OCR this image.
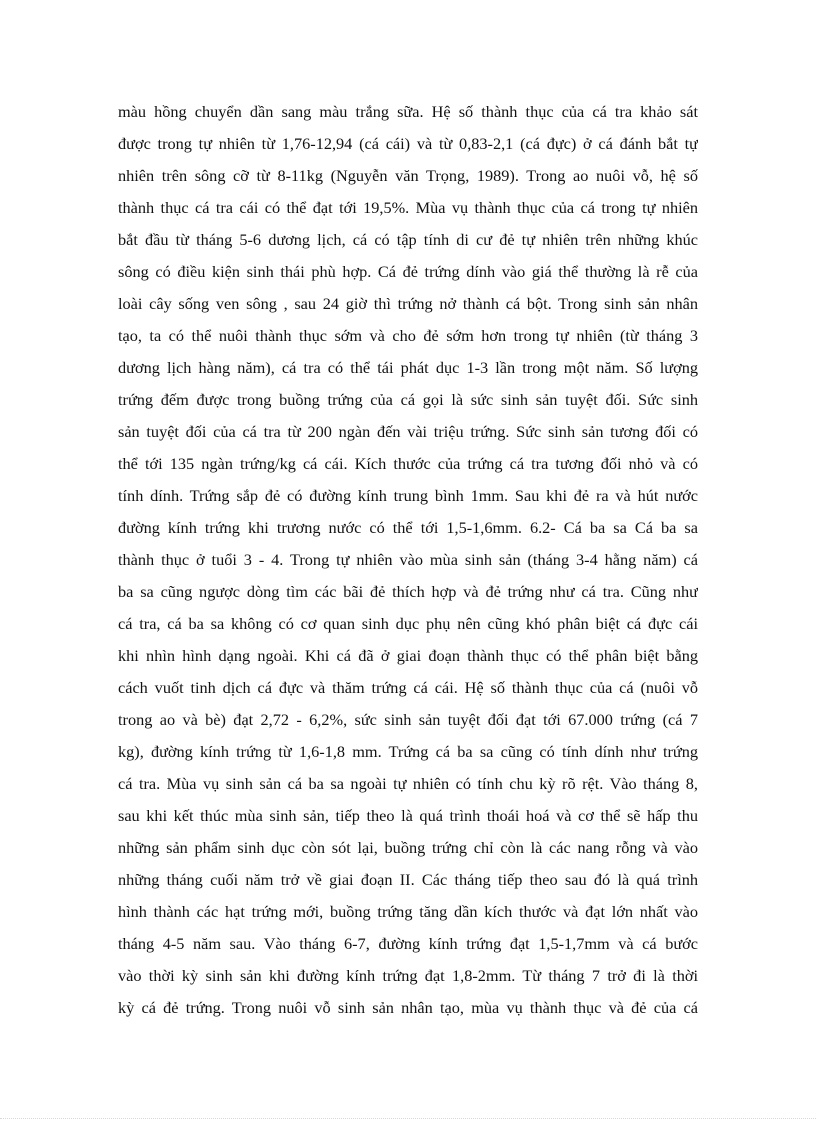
màu hồng chuyển dần sang màu trắng sữa. Hệ số thành thục của cá tra khảo sát
được trong tự nhiên từ 1,76-12,94 (cá cái) và từ 0,83-2,1 (cá đực) ở cá đánh bắt tự
nhiên trên sông cỡ từ 8-11kg (Nguyễn văn Trọng, 1989). Trong ao nuôi vỗ, hệ số
thành thục cá tra cái có thể đạt tới 19,5%. Mùa vụ thành thục của cá trong tự nhiên
bắt đầu từ tháng 5-6 dương lịch, cá có tập tính di cư đẻ tự nhiên trên những khúc
sông có điều kiện sinh thái phù hợp. Cá đẻ trứng dính vào giá thể thường là rễ của
loài cây sống ven sông , sau 24 giờ thì trứng nở thành cá bột. Trong sinh sản nhân
tạo, ta có thể nuôi thành thục sớm và cho đẻ sớm hơn trong tự nhiên (từ tháng 3
dương lịch hàng năm), cá tra có thể tái phát dục 1-3 lần trong một năm. Số lượng
trứng đếm được trong buồng trứng của cá gọi là sức sinh sản tuyệt đối. Sức sinh
sản tuyệt đối của cá tra từ 200 ngàn đến vài triệu trứng. Sức sinh sản tương đối có
thể tới 135 ngàn trứng/kg cá cái. Kích thước của trứng cá tra tương đối nhỏ và có
tính dính. Trứng sắp đẻ có đường kính trung bình 1mm. Sau khi đẻ ra và hút nước
đường kính trứng khi trương nước có thể tới 1,5-1,6mm. 6.2- Cá ba sa Cá ba sa
thành thục ở tuổi 3 - 4. Trong tự nhiên vào mùa sinh sản (tháng 3-4 hằng năm) cá
ba sa cũng ngược dòng tìm các bãi đẻ thích hợp và đẻ trứng như cá tra. Cũng như
cá tra, cá ba sa không có cơ quan sinh dục phụ nên cũng khó phân biệt cá đực cái
khi nhìn hình dạng ngoài. Khi cá đã ở giai đoạn thành thục có thể phân biệt bằng
cách vuốt tinh dịch cá đực và thăm trứng cá cái. Hệ số thành thục của cá (nuôi vỗ
trong ao và bè) đạt 2,72 - 6,2%, sức sinh sản tuyệt đối đạt tới 67.000 trứng (cá 7
kg), đường kính trứng từ 1,6-1,8 mm. Trứng cá ba sa cũng có tính dính như trứng
cá tra. Mùa vụ sinh sản cá ba sa ngoài tự nhiên có tính chu kỳ rõ rệt. Vào tháng 8,
sau khi kết thúc mùa sinh sản, tiếp theo là quá trình thoái hoá và cơ thể sẽ hấp thu
những sản phẩm sinh dục còn sót lại, buồng trứng chỉ còn là các nang rỗng và vào
những tháng cuối năm trở về giai đoạn II. Các tháng tiếp theo sau đó là quá trình
hình thành các hạt trứng mới, buồng trứng tăng dần kích thước và đạt lớn nhất vào
tháng 4-5 năm sau. Vào tháng 6-7, đường kính trứng đạt 1,5-1,7mm và cá bước
vào thời kỳ sinh sản khi đường kính trứng đạt 1,8-2mm. Từ tháng 7 trở đi là thời
kỳ cá đẻ trứng. Trong nuôi vỗ sinh sản nhân tạo, mùa vụ thành thục và đẻ của cá
